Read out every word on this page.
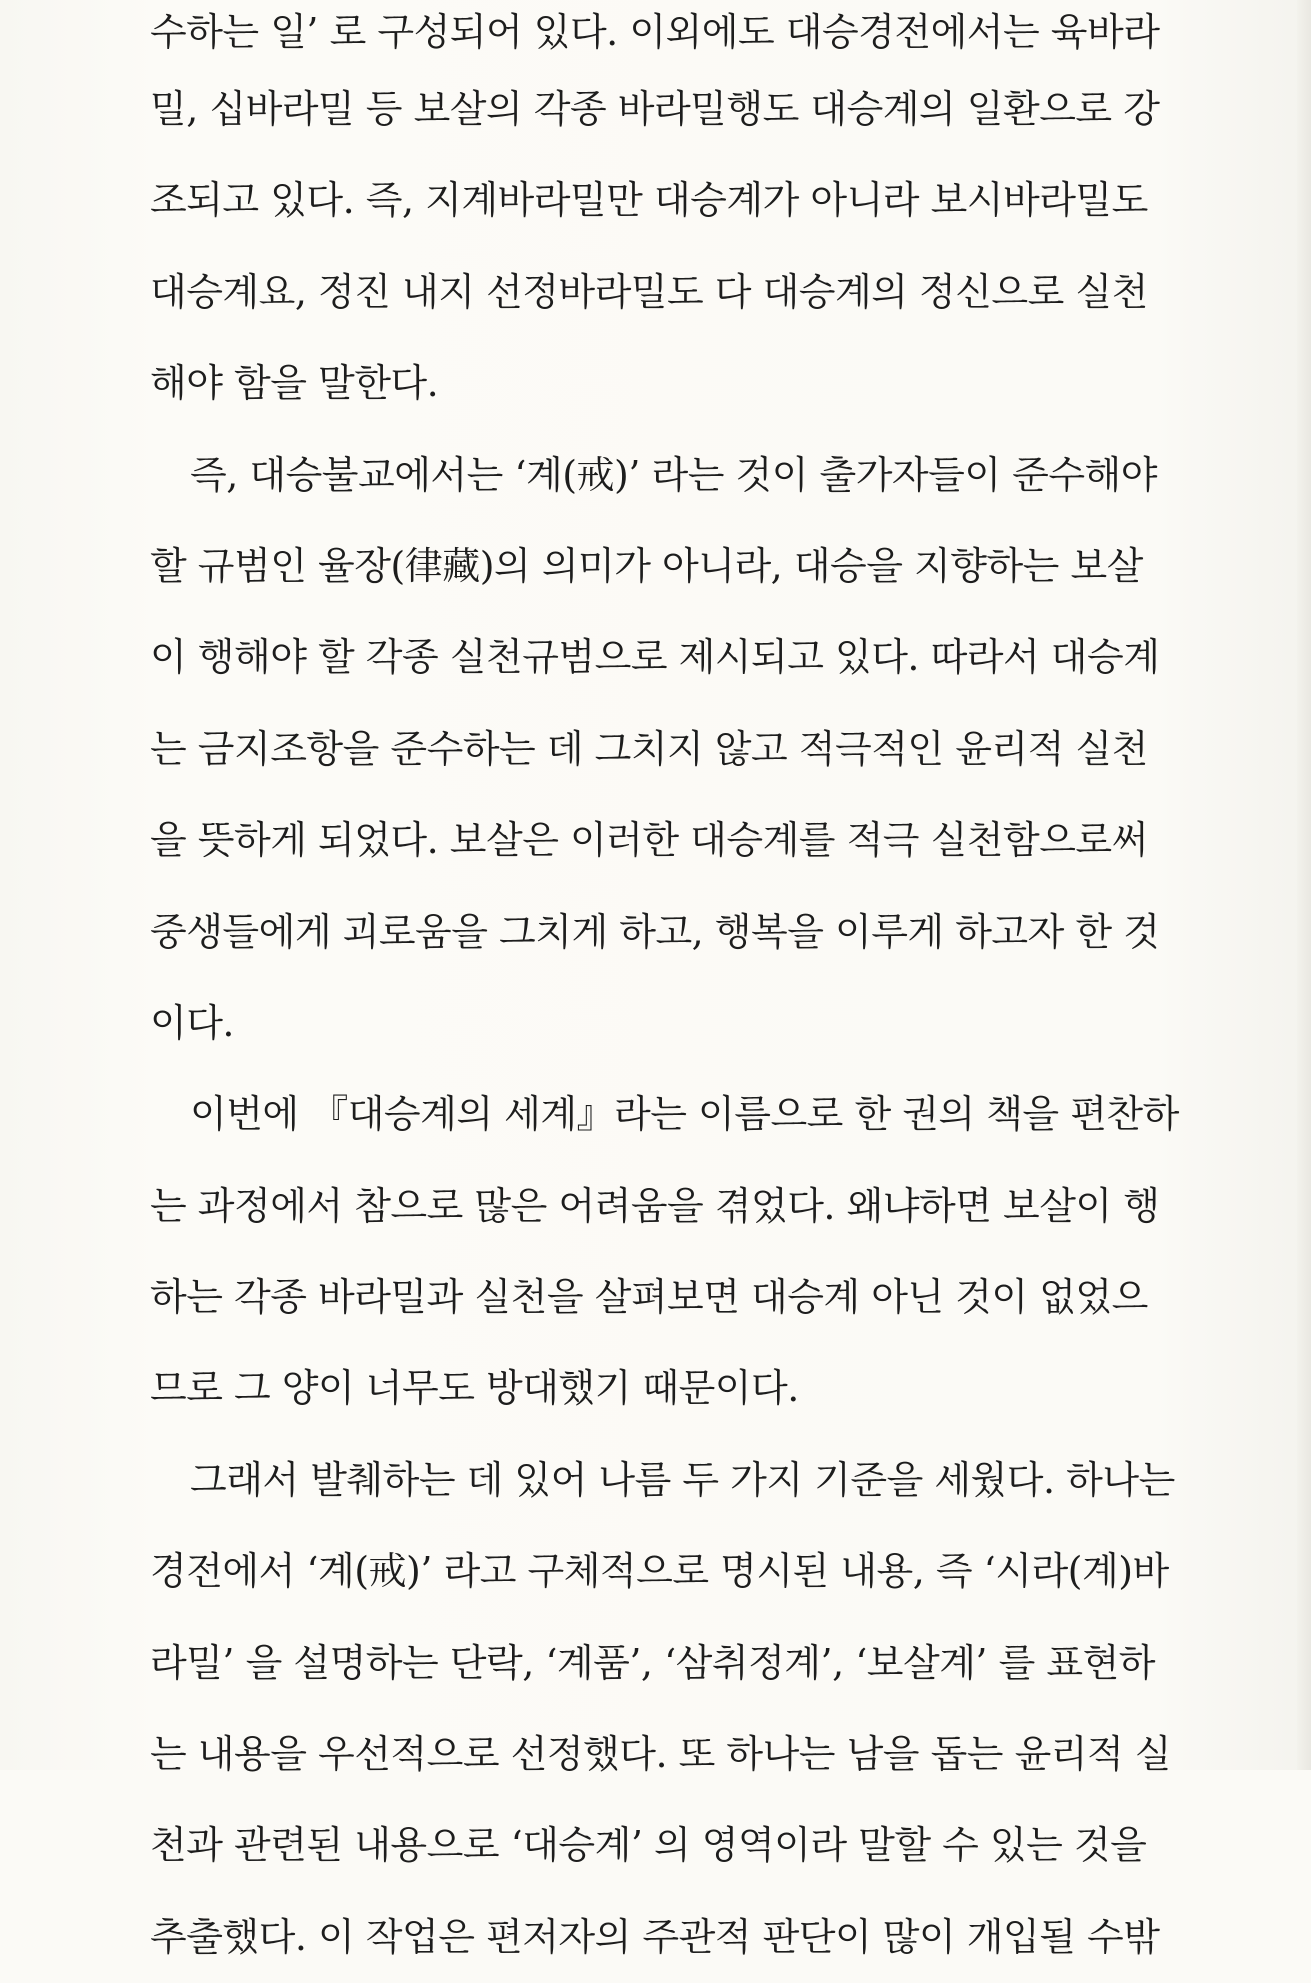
수하는 일’ 로 구성되어 있다. 이외에도 대승경전에서는 육바라
밀, 십바라밀 등 보살의 각종 바라밀행도 대승계의 일환으로 강
조되고 있다. 즉, 지계바라밀만 대승계가 아니라 보시바라밀도
대승계요, 정진 내지 선정바라밀도 다 대승계의 정신으로 실천
해야 함을 말한다.
즉, 대승불교에서는 ‘계(戒)’ 라는 것이 출가자들이 준수해야
할 규범인 율장(律藏)의 의미가 아니라, 대승을 지향하는 보살
이 행해야 할 각종 실천규범으로 제시되고 있다. 따라서 대승계
는 금지조항을 준수하는 데 그치지 않고 적극적인 윤리적 실천
을 뜻하게 되었다. 보살은 이러한 대승계를 적극 실천함으로써
중생들에게 괴로움을 그치게 하고, 행복을 이루게 하고자 한 것
이다.
이번에 『대승계의 세계』라는 이름으로 한 권의 책을 편찬하
는 과정에서 참으로 많은 어려움을 겪었다. 왜냐하면 보살이 행
하는 각종 바라밀과 실천을 살펴보면 대승계 아닌 것이 없었으
므로 그 양이 너무도 방대했기 때문이다.
그래서 발췌하는 데 있어 나름 두 가지 기준을 세웠다. 하나는
경전에서 ‘계(戒)’ 라고 구체적으로 명시된 내용, 즉 ‘시라(계)바
라밀’ 을 설명하는 단락, ‘계품’, ‘삼취정계’, ‘보살계’ 를 표현하
는 내용을 우선적으로 선정했다. 또 하나는 남을 돕는 윤리적 실
천과 관련된 내용으로 ‘대승계’ 의 영역이라 말할 수 있는 것을
추출했다. 이 작업은 편저자의 주관적 판단이 많이 개입될 수밖
